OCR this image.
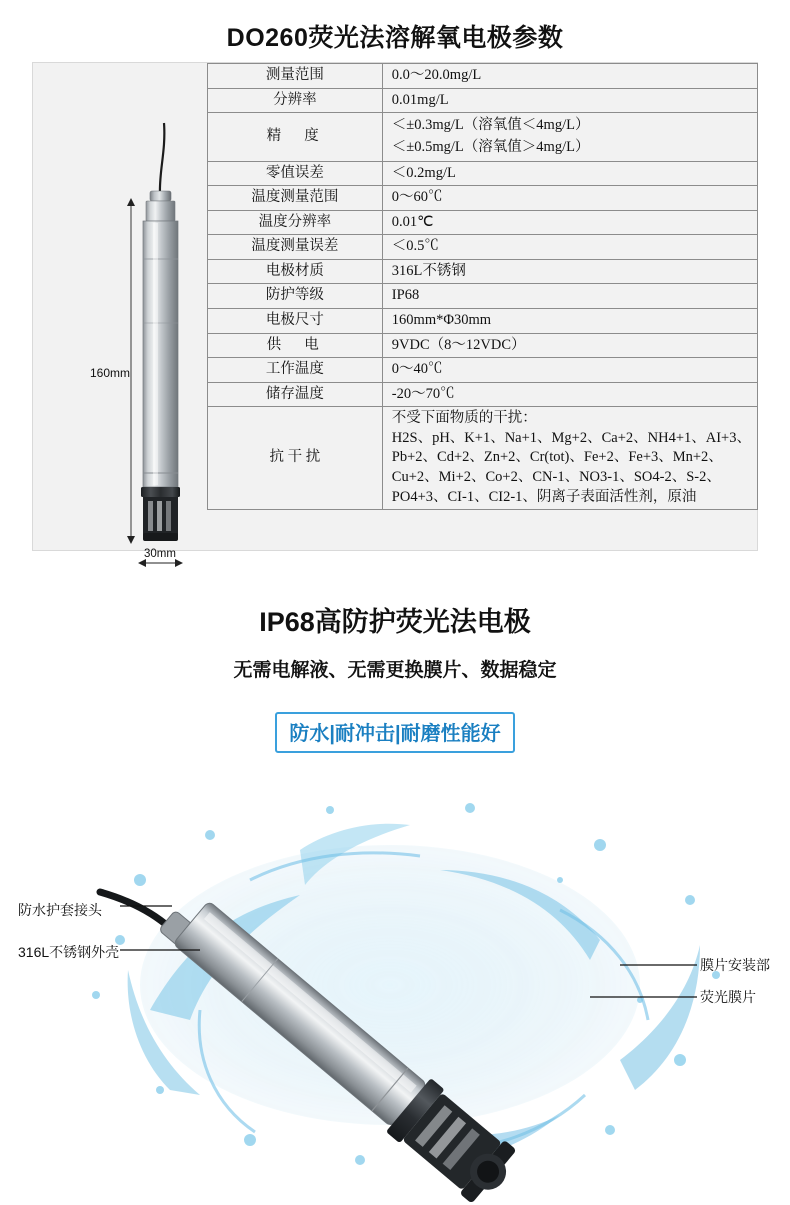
DO260荧光法溶解氧电极参数
160mm
30mm
测量范围	0.0～20.0mg/L
分辨率	0.01mg/L
精　度	＜±0.3mg/L（溶氧值＜4mg/L）
＜±0.5mg/L（溶氧值＞4mg/L）

零值误差	＜0.2mg/L
温度测量范围	0～60℃
温度分辨率	0.01℃
温度测量误差	＜0.5℃
电极材质	316L不锈钢
防护等级	IP68
电极尺寸	160mm*Φ30mm
供　电	9VDC（8～12VDC）
工作温度	0～40℃
储存温度	-20～70℃
抗 干 扰	不受下面物质的干扰：
H2S、pH、K+1、Na+1、Mg+2、Ca+2、NH4+1、AI+3、
Pb+2、Cd+2、Zn+2、Cr(tot)、Fe+2、Fe+3、Mn+2、
Cu+2、Mi+2、Co+2、CN-1、NO3-1、SO4-2、S-2、
PO4+3、CI-1、CI2-1、阴离子表面活性剂，原油
IP68高防护荧光法电极
无需电解液、无需更换膜片、数据稳定
防水|耐冲击|耐磨性能好
防水护套接头
316L不锈钢外壳
膜片安装部
荧光膜片
